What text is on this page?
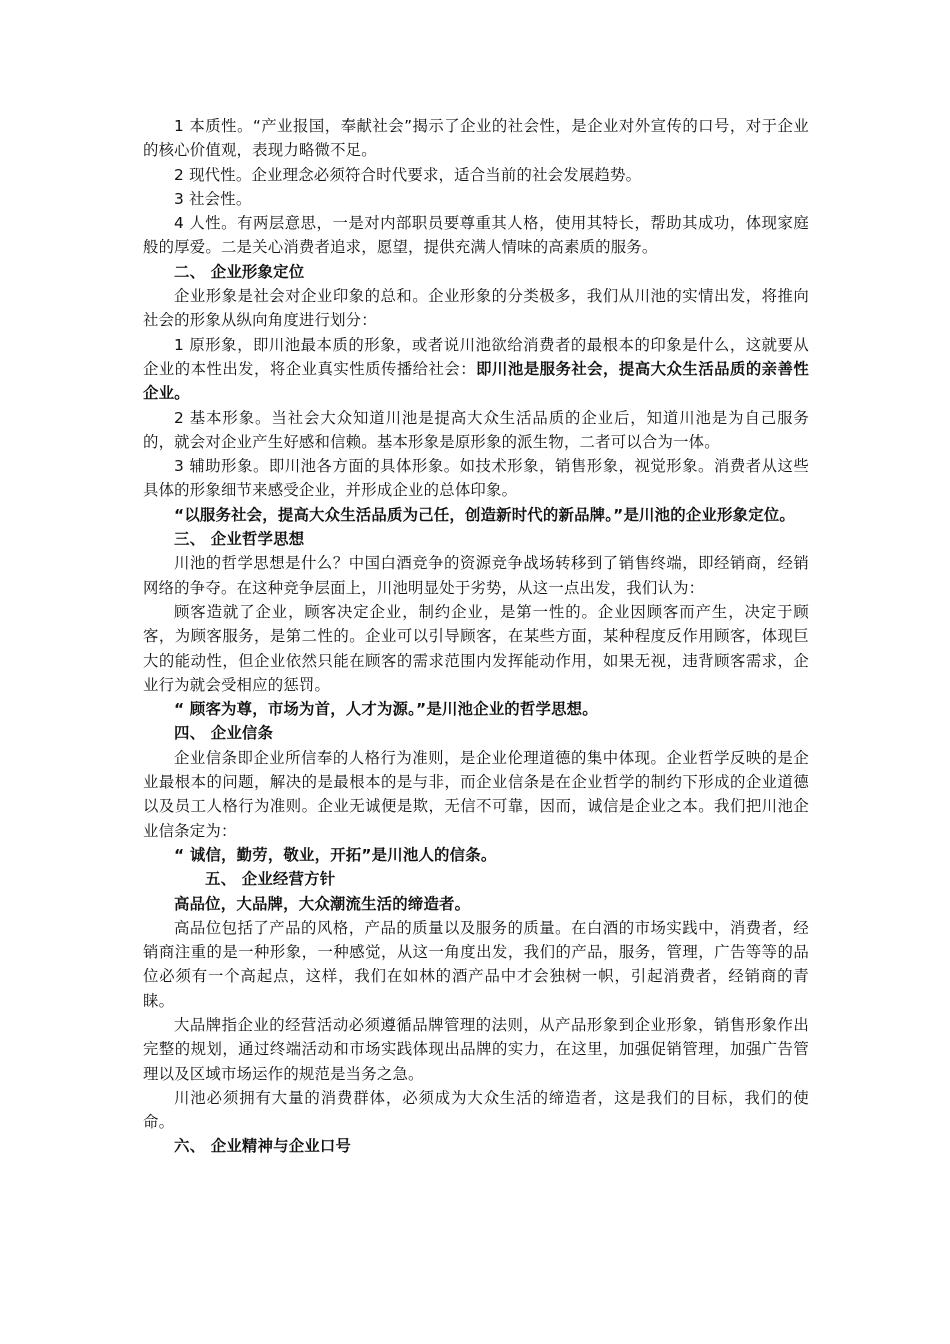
1 本质性。“产业报国，奉献社会”揭示了企业的社会性，是企业对外宣传的口号，对于企业的核心价值观，表现力略微不足。

2 现代性。企业理念必须符合时代要求，适合当前的社会发展趋势。

3 社会性。

4 人性。有两层意思，一是对内部职员要尊重其人格，使用其特长，帮助其成功，体现家庭般的厚爱。二是关心消费者追求，愿望，提供充满人情味的高素质的服务。

二、 企业形象定位

企业形象是社会对企业印象的总和。企业形象的分类极多，我们从川池的实情出发，将推向社会的形象从纵向角度进行划分：

1 原形象，即川池最本质的形象，或者说川池欲给消费者的最根本的印象是什么，这就要从企业的本性出发，将企业真实性质传播给社会：即川池是服务社会，提高大众生活品质的亲善性企业。

2 基本形象。当社会大众知道川池是提高大众生活品质的企业后，知道川池是为自己服务的，就会对企业产生好感和信赖。基本形象是原形象的派生物，二者可以合为一体。

3 辅助形象。即川池各方面的具体形象。如技术形象，销售形象，视觉形象。消费者从这些具体的形象细节来感受企业，并形成企业的总体印象。

“以服务社会，提高大众生活品质为己任，创造新时代的新品牌。”是川池的企业形象定位。

三、 企业哲学思想

川池的哲学思想是什么？中国白酒竞争的资源竞争战场转移到了销售终端，即经销商，经销网络的争夺。在这种竞争层面上，川池明显处于劣势，从这一点出发，我们认为：

顾客造就了企业，顾客决定企业，制约企业，是第一性的。企业因顾客而产生，决定于顾客，为顾客服务，是第二性的。企业可以引导顾客，在某些方面，某种程度反作用顾客，体现巨大的能动性，但企业依然只能在顾客的需求范围内发挥能动作用，如果无视，违背顾客需求，企业行为就会受相应的惩罚。

“ 顾客为尊，市场为首，人才为源。”是川池企业的哲学思想。

四、 企业信条

企业信条即企业所信奉的人格行为准则，是企业伦理道德的集中体现。企业哲学反映的是企业最根本的问题，解决的是最根本的是与非，而企业信条是在企业哲学的制约下形成的企业道德以及员工人格行为准则。企业无诚便是欺，无信不可靠，因而，诚信是企业之本。我们把川池企业信条定为：

“ 诚信，勤劳，敬业，开拓”是川池人的信条。

五、 企业经营方针

高品位，大品牌，大众潮流生活的缔造者。

高品位包括了产品的风格，产品的质量以及服务的质量。在白酒的市场实践中，消费者，经销商注重的是一种形象，一种感觉，从这一角度出发，我们的产品，服务，管理，广告等等的品位必须有一个高起点，这样，我们在如林的酒产品中才会独树一帜，引起消费者，经销商的青睐。

大品牌指企业的经营活动必须遵循品牌管理的法则，从产品形象到企业形象，销售形象作出完整的规划，通过终端活动和市场实践体现出品牌的实力，在这里，加强促销管理，加强广告管理以及区域市场运作的规范是当务之急。

川池必须拥有大量的消费群体，必须成为大众生活的缔造者，这是我们的目标，我们的使命。

六、 企业精神与企业口号
